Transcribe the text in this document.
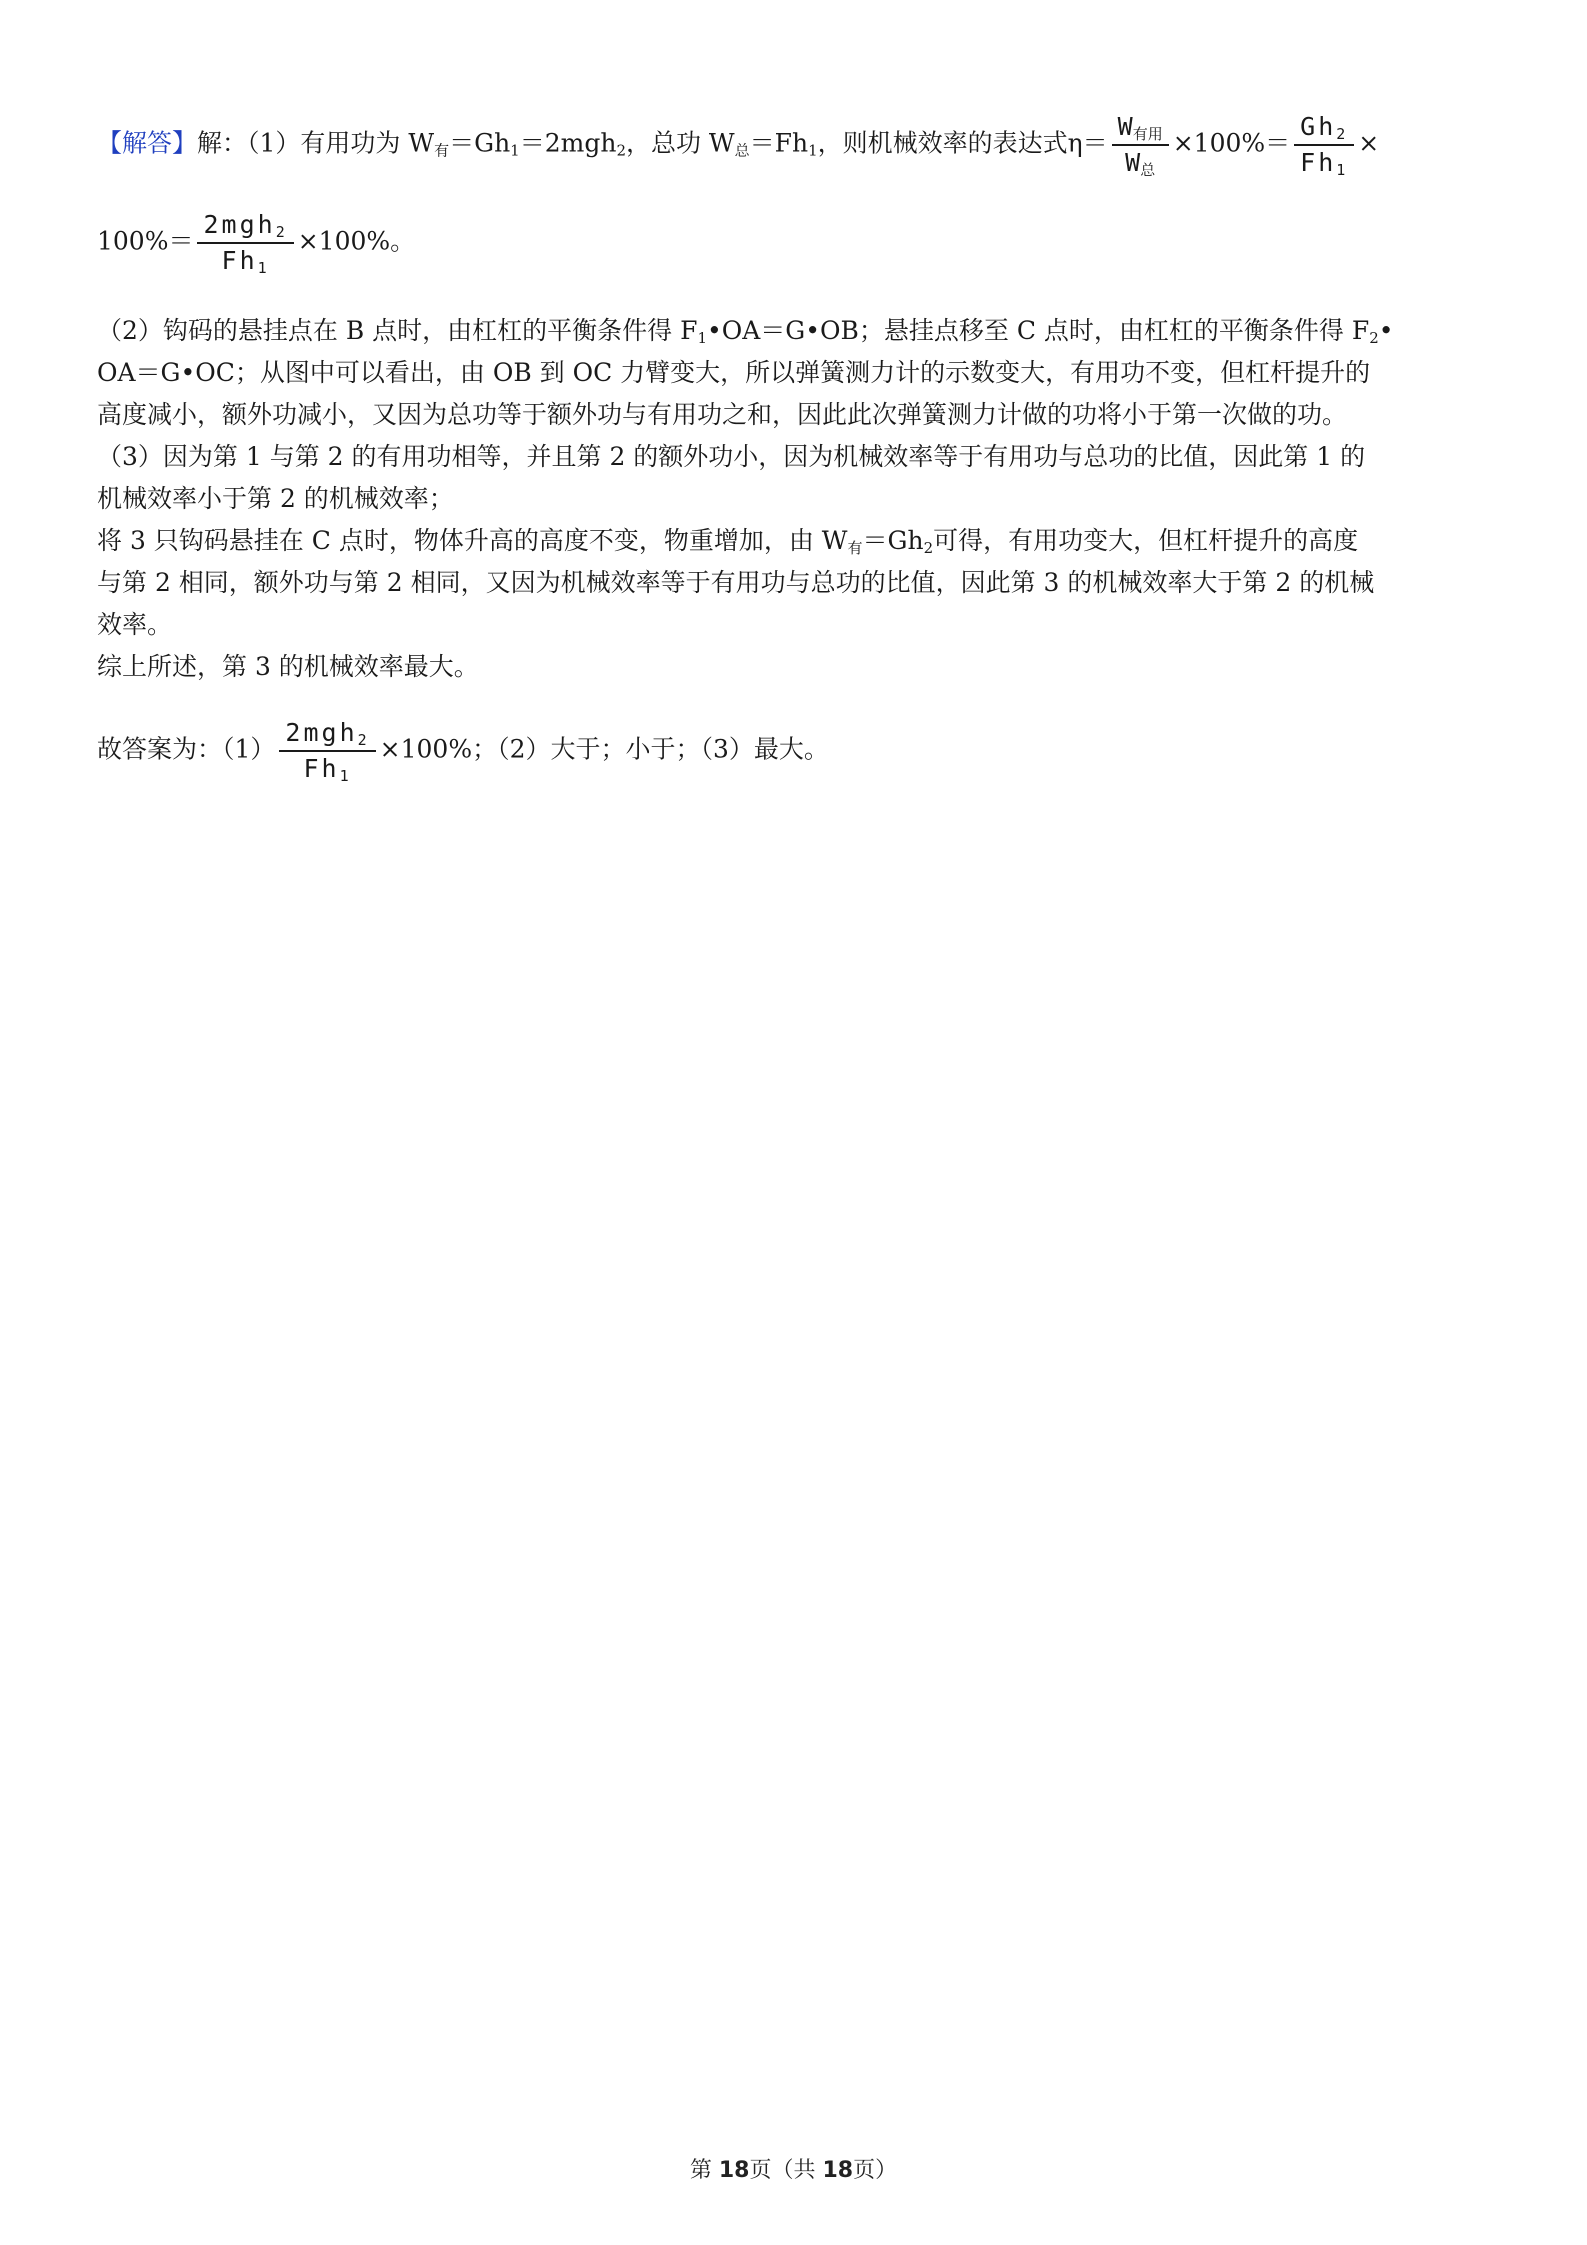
【解答】解：（1）有用功为 $W_有=Gh_1=2mgh_2$，总功 $W_总=Fh_1$，则机械效率的表达式$\eta= \frac{W_{有用}}{W_总} \times 100\%= \frac{Gh_2}{Fh_1}$ ×
$100\%= \frac{2mgh_2}{Fh_1} \times 100\%$。
（2）钩码的悬挂点在 B 点时，由杠杠的平衡条件得 $F_1•OA=G•OB$；悬挂点移至 C 点时，由杠杠的平衡条件得 $F_2•$
OA＝G•OC；从图中可以看出，由 OB 到 OC 力臂变大，所以弹簧测力计的示数变大，有用功不变，但杠杆提升的
高度减小，额外功减小，又因为总功等于额外功与有用功之和，因此此次弹簧测力计做的功将小于第一次做的功。
（3）因为第 1 与第 2 的有用功相等，并且第 2 的额外功小，因为机械效率等于有用功与总功的比值，因此第 1 的
机械效率小于第 2 的机械效率；
将 3 只钩码悬挂在 C 点时，物体升高的高度不变，物重增加，由 $W_有=Gh_2$可得，有用功变大，但杠杆提升的高度
与第 2 相同，额外功与第 2 相同，又因为机械效率等于有用功与总功的比值，因此第 3 的机械效率大于第 2 的机械
效率。
综上所述，第 3 的机械效率最大。
故答案为：$(1) \frac{2mgh_2}{Fh_1} \times 100\%$；（2）大于；小于；（3）最大。
第 18页（共 18页）
